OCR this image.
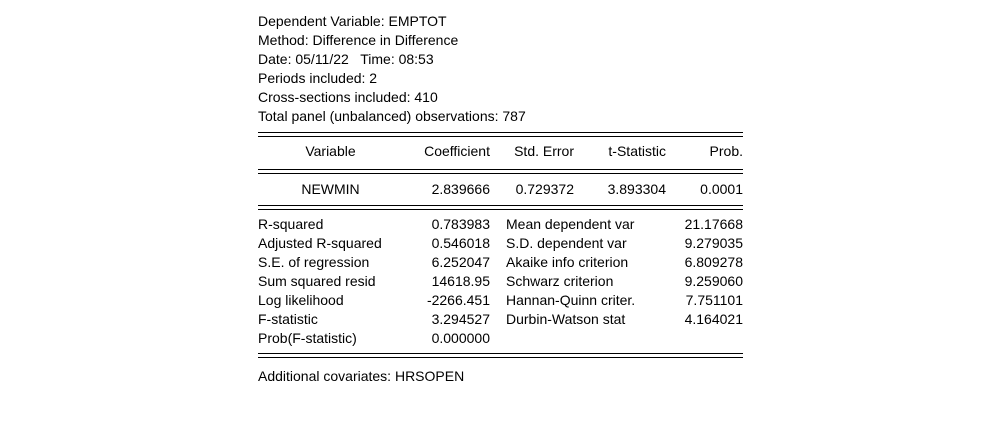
Dependent Variable: EMPTOT
Method: Difference in Difference
Date: 05/11/22   Time: 08:53
Periods included: 2
Cross-sections included: 410
Total panel (unbalanced) observations: 787
Variable	Coefficient	Std. Error	t-Statistic	Prob.
NEWMIN	2.839666	0.729372	3.893304	0.0001
R-squared	0.783983 Mean dependent var	21.17668
Adjusted R-squared	0.546018 S.D. dependent var	9.279035
S.E. of regression	6.252047 Akaike info criterion	6.809278
Sum squared resid	14618.95 Schwarz criterion	9.259060
Log likelihood	-2266.451 Hannan-Quinn criter.	7.751101
F-statistic	3.294527 Durbin-Watson stat	4.164021
Prob(F-statistic)	0.000000
Additional covariates: HRSOPEN
